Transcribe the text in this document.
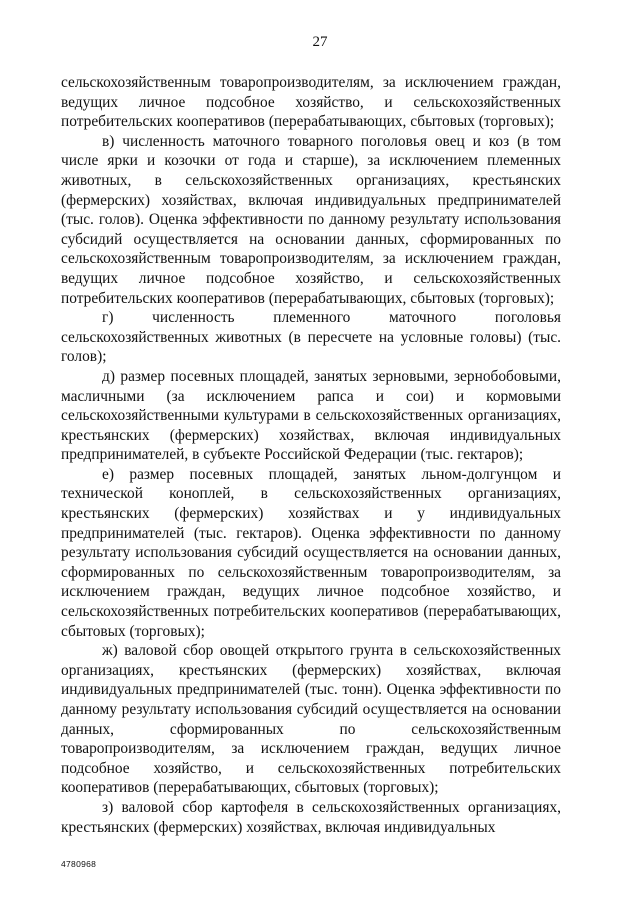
27

сельскохозяйственным товаропроизводителям, за исключением граждан, ведущих личное подсобное хозяйство, и сельскохозяйственных потребительских кооперативов (перерабатывающих, сбытовых (торговых);

в) численность маточного товарного поголовья овец и коз (в том числе ярки и козочки от года и старше), за исключением племенных животных, в сельскохозяйственных организациях, крестьянских (фермерских) хозяйствах, включая индивидуальных предпринимателей (тыс. голов). Оценка эффективности по данному результату использования субсидий осуществляется на основании данных, сформированных по сельскохозяйственным товаропроизводителям, за исключением граждан, ведущих личное подсобное хозяйство, и сельскохозяйственных потребительских кооперативов (перерабатывающих, сбытовых (торговых);

г) численность племенного маточного поголовья сельскохозяйственных животных (в пересчете на условные головы) (тыс. голов);

д) размер посевных площадей, занятых зерновыми, зернобобовыми, масличными (за исключением рапса и сои) и кормовыми сельскохозяйственными культурами в сельскохозяйственных организациях, крестьянских (фермерских) хозяйствах, включая индивидуальных предпринимателей, в субъекте Российской Федерации (тыс. гектаров);

е) размер посевных площадей, занятых льном-долгунцом и технической коноплей, в сельскохозяйственных организациях, крестьянских (фермерских) хозяйствах и у индивидуальных предпринимателей (тыс. гектаров). Оценка эффективности по данному результату использования субсидий осуществляется на основании данных, сформированных по сельскохозяйственным товаропроизводителям, за исключением граждан, ведущих личное подсобное хозяйство, и сельскохозяйственных потребительских кооперативов (перерабатывающих, сбытовых (торговых);

ж) валовой сбор овощей открытого грунта в сельскохозяйственных организациях, крестьянских (фермерских) хозяйствах, включая индивидуальных предпринимателей (тыс. тонн). Оценка эффективности по данному результату использования субсидий осуществляется на основании данных, сформированных по сельскохозяйственным товаропроизводителям, за исключением граждан, ведущих личное подсобное хозяйство, и сельскохозяйственных потребительских кооперативов (перерабатывающих, сбытовых (торговых);

з) валовой сбор картофеля в сельскохозяйственных организациях, крестьянских (фермерских) хозяйствах, включая индивидуальных

4780968
